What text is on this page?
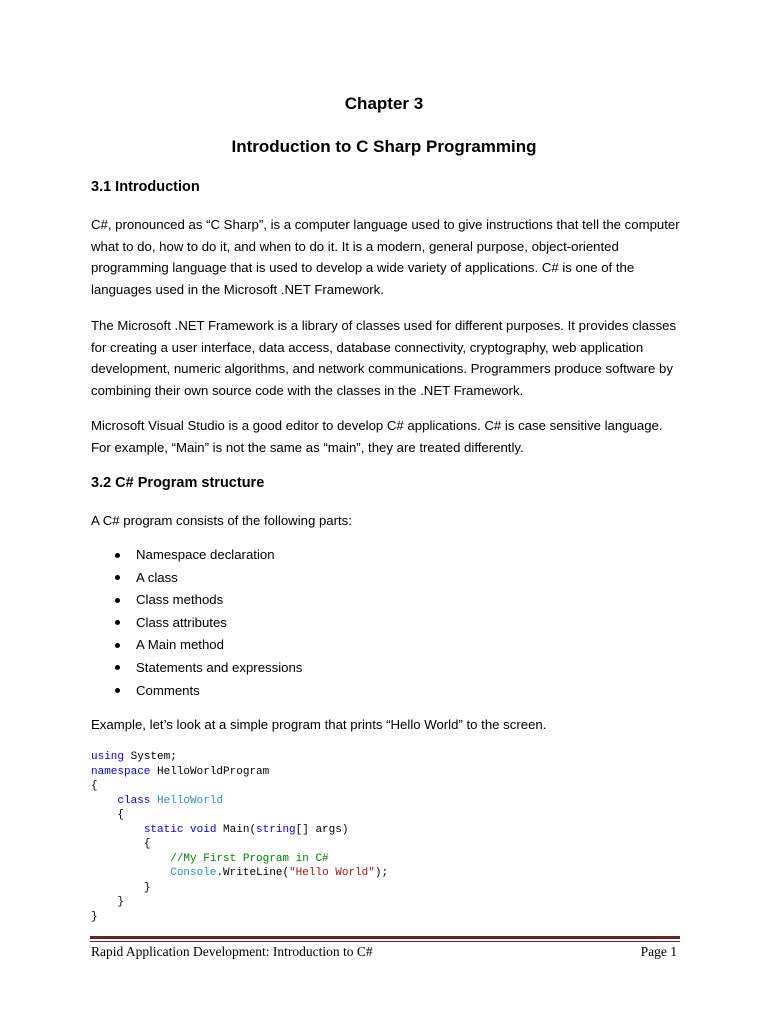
Chapter 3
Introduction to C Sharp Programming
3.1 Introduction

C#, pronounced as “C Sharp”, is a computer language used to give instructions that tell the computer what to do, how to do it, and when to do it. It is a modern, general purpose, object-oriented programming language that is used to develop a wide variety of applications. C# is one of the languages used in the Microsoft .NET Framework.

The Microsoft .NET Framework is a library of classes used for different purposes. It provides classes for creating a user interface, data access, database connectivity, cryptography, web application development, numeric algorithms, and network communications. Programmers produce software by combining their own source code with the classes in the .NET Framework.

Microsoft Visual Studio is a good editor to develop C# applications. C# is case sensitive language. For example, “Main” is not the same as “main”, they are treated differently.

3.2 C# Program structure

A C# program consists of the following parts:

Namespace declaration
A class
Class methods
Class attributes
A Main method
Statements and expressions
Comments

Example, let’s look at a simple program that prints “Hello World” to the screen.

using System;
namespace HelloWorldProgram
{
class HelloWorld
{
static void Main(string[] args)
{
//My First Program in C#
Console.WriteLine("Hello World");
}
}
}
Rapid Application Development: Introduction to C#	Page 1
